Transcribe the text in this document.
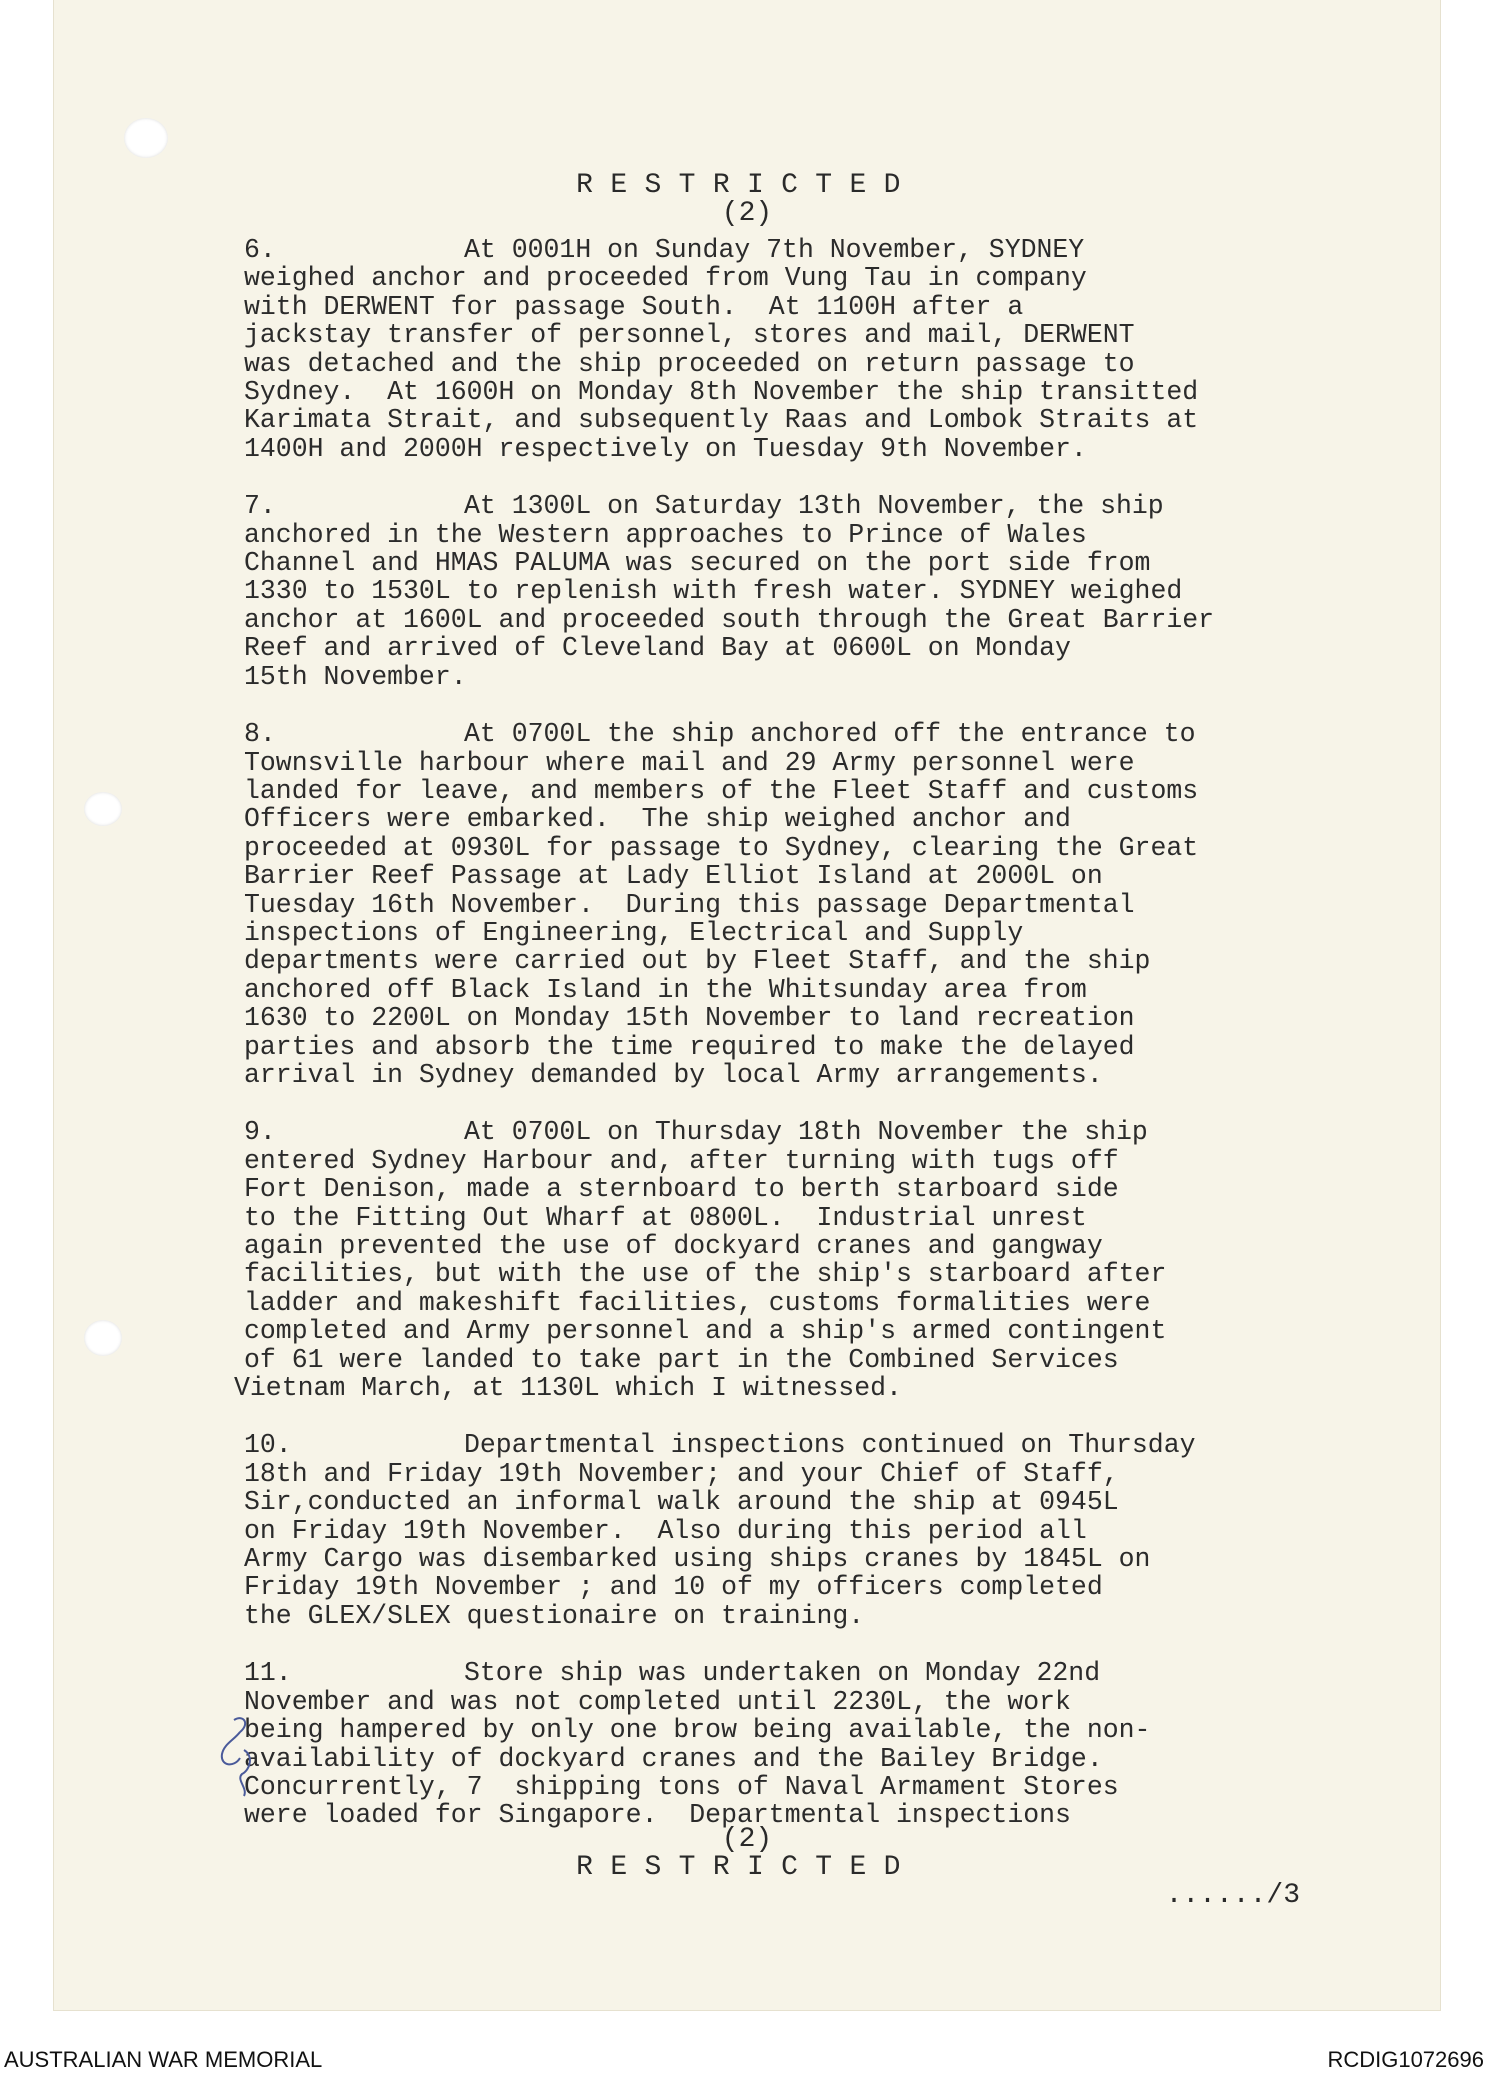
RESTRICTED

(2)

6.	At 0001H on Sunday 7th November, SYDNEY
weighed anchor and proceeded from Vung Tau in company
with DERWENT for passage South.  At 1100H after a
jackstay transfer of personnel, stores and mail, DERWENT
was detached and the ship proceeded on return passage to
Sydney.  At 1600H on Monday 8th November the ship transitted
Karimata Strait, and subsequently Raas and Lombok Straits at
1400H and 2000H respectively on Tuesday 9th November.
7.	At 1300L on Saturday 13th November, the ship
anchored in the Western approaches to Prince of Wales
Channel and HMAS PALUMA was secured on the port side from
1330 to 1530L to replenish with fresh water. SYDNEY weighed
anchor at 1600L and proceeded south through the Great Barrier
Reef and arrived of Cleveland Bay at 0600L on Monday
15th November.
8.	At 0700L the ship anchored off the entrance to
Townsville harbour where mail and 29 Army personnel were
landed for leave, and members of the Fleet Staff and customs
Officers were embarked.  The ship weighed anchor and
proceeded at 0930L for passage to Sydney, clearing the Great
Barrier Reef Passage at Lady Elliot Island at 2000L on
Tuesday 16th November.  During this passage Departmental
inspections of Engineering, Electrical and Supply
departments were carried out by Fleet Staff, and the ship
anchored off Black Island in the Whitsunday area from
1630 to 2200L on Monday 15th November to land recreation
parties and absorb the time required to make the delayed
arrival in Sydney demanded by local Army arrangements.
9.	At 0700L on Thursday 18th November the ship
entered Sydney Harbour and, after turning with tugs off
Fort Denison, made a sternboard to berth starboard side
to the Fitting Out Wharf at 0800L.  Industrial unrest
again prevented the use of dockyard cranes and gangway
facilities, but with the use of the ship's starboard after
ladder and makeshift facilities, customs formalities were
completed and Army personnel and a ship's armed contingent
of 61 were landed to take part in the Combined Services
Vietnam March, at 1130L which I witnessed.
10.	Departmental inspections continued on Thursday
18th and Friday 19th November; and your Chief of Staff,
Sir,conducted an informal walk around the ship at 0945L
on Friday 19th November.  Also during this period all
Army Cargo was disembarked using ships cranes by 1845L on
Friday 19th November ; and 10 of my officers completed
the GLEX/SLEX questionaire on training.
11.	Store ship was undertaken on Monday 22nd
November and was not completed until 2230L, the work
being hampered by only one brow being available, the non-
availability of dockyard cranes and the Bailey Bridge.
Concurrently, 7  shipping tons of Naval Armament Stores
were loaded for Singapore.  Departmental inspections

(2)

RESTRICTED

....../3

AUSTRALIAN WAR MEMORIAL	RCDIG1072696
